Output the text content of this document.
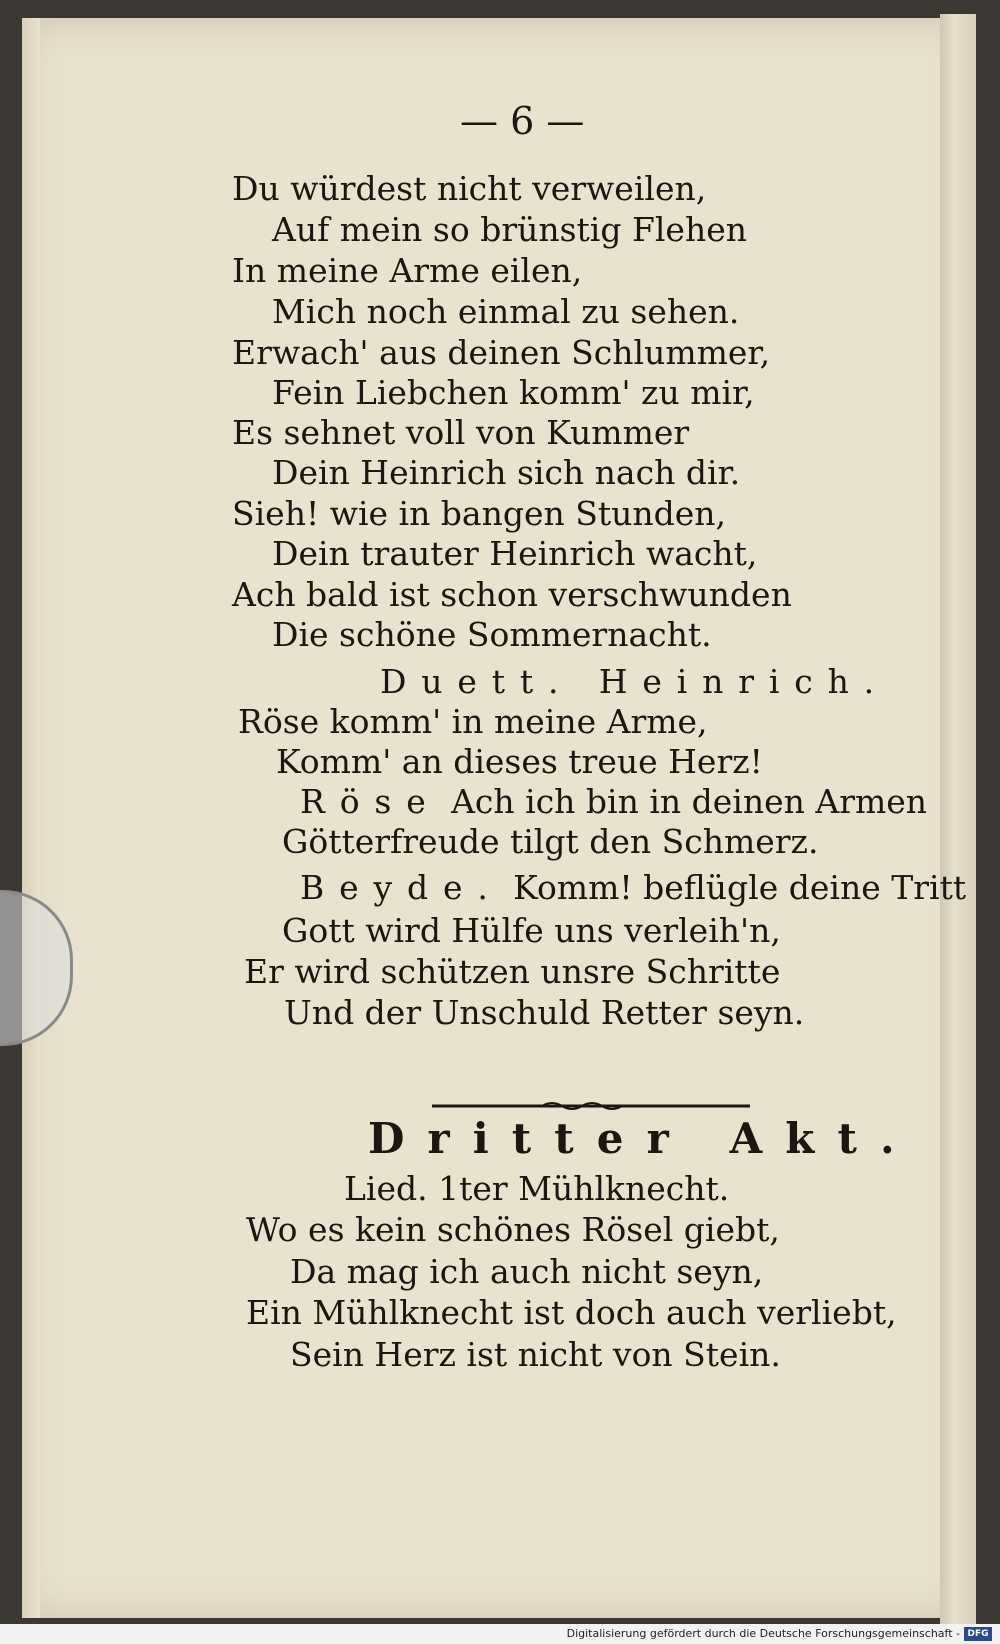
— 6 —

Du würdest nicht verweilen,

Auf mein so brünstig Flehen

In meine Arme eilen,

Mich noch einmal zu sehen.

Erwach' aus deinen Schlummer,

Fein Liebchen komm' zu mir,

Es sehnet voll von Kummer

Dein Heinrich sich nach dir.

Sieh! wie in bangen Stunden,

Dein trauter Heinrich wacht,

Ach bald ist schon verschwunden

Die schöne Sommernacht.

Duett. Heinrich.

Röse komm' in meine Arme,

Komm' an dieses treue Herz!

Röse Ach ich bin in deinen Armen

Götterfreude tilgt den Schmerz.

Beyde. Komm! beflügle deine Tritt

Gott wird Hülfe uns verleih'n,

Er wird schützen unsre Schritte

Und der Unschuld Retter seyn.

Dritter Akt.

Lied. 1ter Mühlknecht.

Wo es kein schönes Rösel giebt,

Da mag ich auch nicht seyn,

Ein Mühlknecht ist doch auch verliebt,

Sein Herz ist nicht von Stein.

Digitalisierung gefördert durch die Deutsche Forschungsgemeinschaft - DFG
